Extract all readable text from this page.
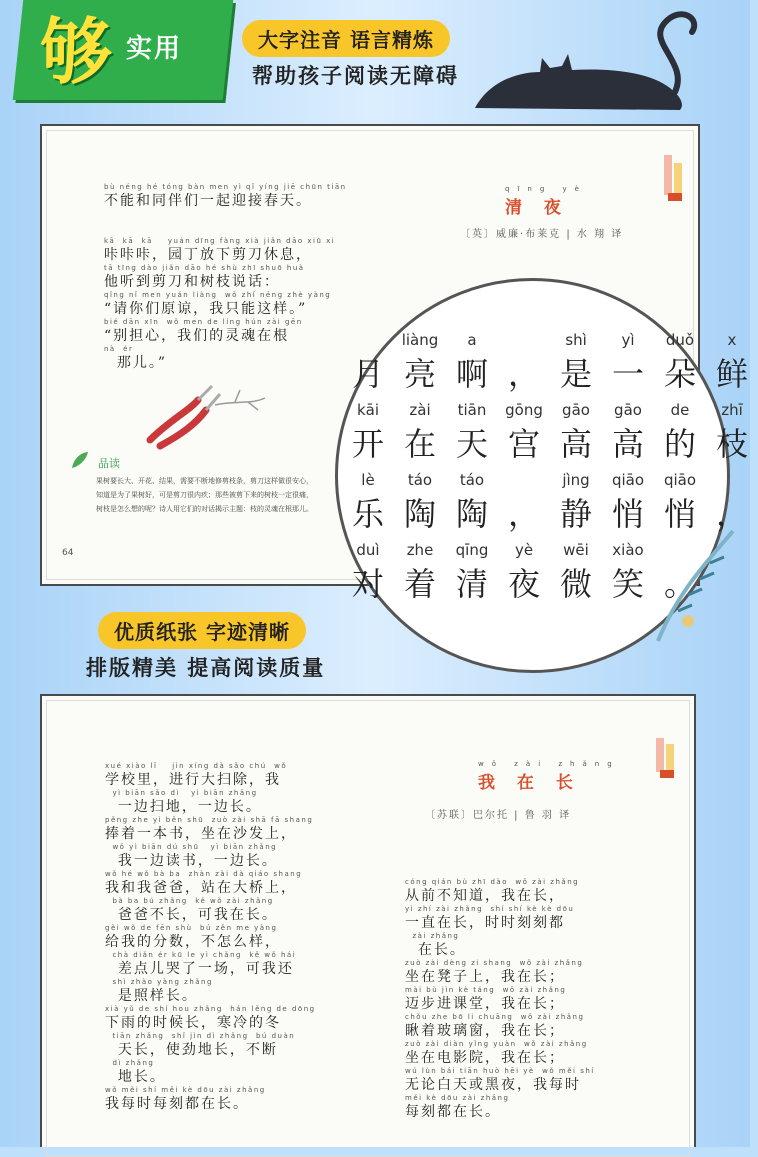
够 实用	大字注音 语言精炼
帮助孩子阅读无障碍
bù néng hé tóng bàn men yì qǐ yíng jiē chūn tiān
不能和同伴们一起迎接春天。
kā  kā  kā    yuán dīng fàng xià jiǎn dāo xiū xi
咔咔咔，园丁放下剪刀休息，
tā tīng dào jiǎn dāo hé shù zhī shuō huà
他听到剪刀和树枝说话：
qǐng nǐ men yuán liàng  wǒ zhǐ néng zhè yàng
“请你们原谅，我只能这样。”
bié dān xīn  wǒ men de líng hún zài gēn
“别担心，我们的灵魂在根
nà  ér
那儿。”
qīng yè
清 夜
〔英〕威廉·布莱克 | 水 翔 译
品读
果树要长大、开花、结果，需要不断地修剪枝条，剪刀这样做很安心，知道是为了果树好，可是剪刀很内疚；那些被剪下来的树枝一定很痛，树枝是怎么想的呢？诗人用它们的对话揭示主题：枝的灵魂在根那儿。
64
liàng a	shì yì duǒ x
月 亮 啊 ， 是 一 朵 鲜
kāi zài tiān gōng gāo gāo de zhī
开 在 天 宫 高 高 的 枝
lè táo táo	jìng qiāo qiāo
乐 陶 陶 ， 静 悄 悄 ，
duì zhe qīng yè wēi xiào
对 着 清 夜 微 笑 。
优质纸张 字迹清晰
排版精美 提高阅读质量
xué xiào lǐ    jìn xíng dà sǎo chú  wǒ
学校里，进行大扫除，我
yì biān sǎo dì   yì biān zhǎng
一边扫地，一边长。
pěng zhe yì běn shū  zuò zài shā fā shang
捧着一本书，坐在沙发上，
wǒ yì biān dú shū   yì biān zhǎng
我一边读书，一边长。
wǒ hé wǒ bà ba  zhàn zài dà qiáo shang
我和我爸爸，站在大桥上，
bà ba bú zhǎng  kě wǒ zài zhǎng
爸爸不长，可我在长。
gěi wǒ de fēn shù  bú zěn me yàng
给我的分数，不怎么样，
chà diǎn ér kū le yì chǎng  kě wǒ hái
差点儿哭了一场，可我还
shì zhào yàng zhǎng
是照样长。
xià yǔ de shí hou zhǎng  hán lěng de dōng
下雨的时候长，寒冷的冬
tiān zhǎng  shǐ jìn dì zhǎng  bú duàn
天长，使劲地长，不断
dì zhǎng
地长。
wǒ měi shí měi kè dōu zài zhǎng
我每时每刻都在长。
wǒ zài zhǎng
我 在 长
〔苏联〕巴尔托 | 鲁 羽 译
cóng qián bù zhī dào  wǒ zài zhǎng
从前不知道，我在长，
yì zhí zài zhǎng  shí shí kè kè dōu
一直在长，时时刻刻都
zài zhǎng
在长。
zuò zài dèng zi shang  wǒ zài zhǎng
坐在凳子上，我在长；
mài bù jìn kè táng  wǒ zài zhǎng
迈步进课堂，我在长；
chǒu zhe bō li chuāng  wǒ zài zhǎng
瞅着玻璃窗，我在长；
zuò zài diàn yǐng yuàn  wǒ zài zhǎng
坐在电影院，我在长；
wú lùn bái tiān huò hēi yè  wǒ měi shí
无论白天或黑夜，我每时
měi kè dōu zài zhǎng
每刻都在长。
